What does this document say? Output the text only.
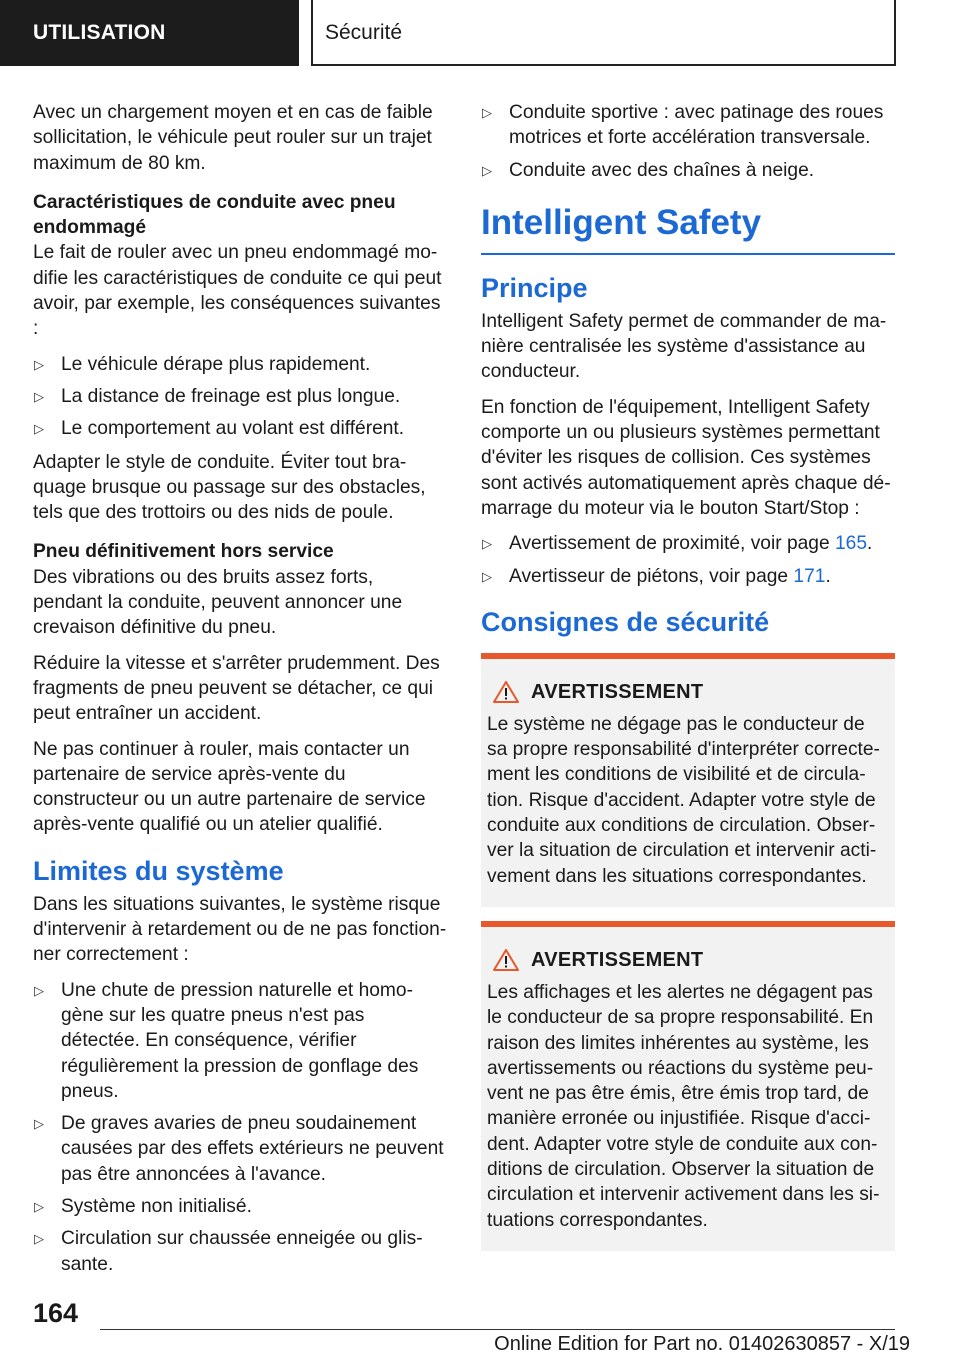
UTILISATION	Sécurité

Avec un chargement moyen et en cas de faible sollicitation, le véhicule peut rouler sur un trajet maximum de 80 km.

Caractéristiques de conduite avec pneu endommagé

Le fait de rouler avec un pneu endommagé modifie les caractéristiques de conduite ce qui peut avoir, par exemple, les conséquences suivantes :

▷ Le véhicule dérape plus rapidement.
▷ La distance de freinage est plus longue.
▷ Le comportement au volant est différent.

Adapter le style de conduite. Éviter tout braquage brusque ou passage sur des obstacles, tels que des trottoirs ou des nids de poule.

Pneu définitivement hors service

Des vibrations ou des bruits assez forts, pendant la conduite, peuvent annoncer une crevaison définitive du pneu.

Réduire la vitesse et s'arrêter prudemment. Des fragments de pneu peuvent se détacher, ce qui peut entraîner un accident.

Ne pas continuer à rouler, mais contacter un partenaire de service après-vente du constructeur ou un autre partenaire de service après-vente qualifié ou un atelier qualifié.

Limites du système

Dans les situations suivantes, le système risque d'intervenir à retardement ou de ne pas fonctionner correctement :

▷ Une chute de pression naturelle et homogène sur les quatre pneus n'est pas détectée. En conséquence, vérifier régulièrement la pression de gonflage des pneus.
▷ De graves avaries de pneu soudainement causées par des effets extérieurs ne peuvent pas être annoncées à l'avance.
▷ Système non initialisé.
▷ Circulation sur chaussée enneigée ou glissante.
▷ Conduite sportive : avec patinage des roues motrices et forte accélération transversale.
▷ Conduite avec des chaînes à neige.
Intelligent Safety
Principe

Intelligent Safety permet de commander de manière centralisée les système d'assistance au conducteur.

En fonction de l'équipement, Intelligent Safety comporte un ou plusieurs systèmes permettant d'éviter les risques de collision. Ces systèmes sont activés automatiquement après chaque démarrage du moteur via le bouton Start/Stop :

▷ Avertissement de proximité, voir page 165.
▷ Avertisseur de piétons, voir page 171.
Consignes de sécurité
AVERTISSEMENT

Le système ne dégage pas le conducteur de sa propre responsabilité d'interpréter correctement les conditions de visibilité et de circulation. Risque d'accident. Adapter votre style de conduite aux conditions de circulation. Observer la situation de circulation et intervenir activement dans les situations correspondantes.

AVERTISSEMENT

Les affichages et les alertes ne dégagent pas le conducteur de sa propre responsabilité. En raison des limites inhérentes au système, les avertissements ou réactions du système peuvent ne pas être émis, être émis trop tard, de manière erronée ou injustifiée. Risque d'accident. Adapter votre style de conduite aux conditions de circulation. Observer la situation de circulation et intervenir activement dans les situations correspondantes.

164
Online Edition for Part no. 01402630857 - X/19
